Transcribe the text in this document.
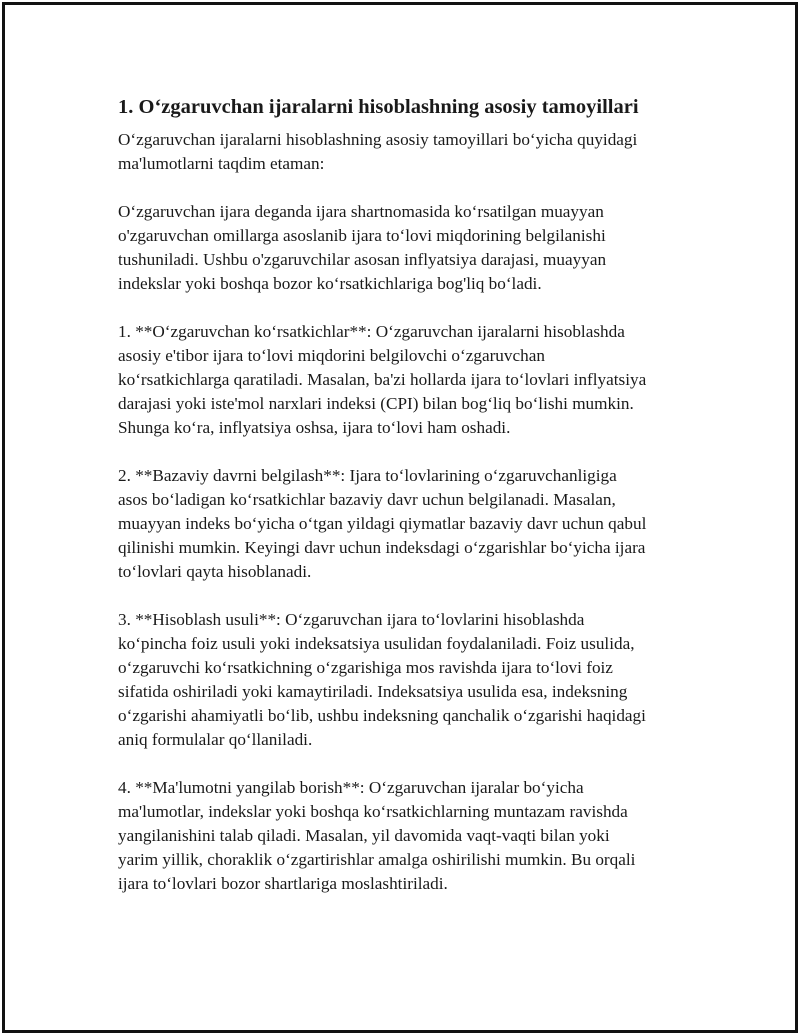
1. O‘zgaruvchan ijaralarni hisoblashning asosiy tamoyillari

O‘zgaruvchan ijaralarni hisoblashning asosiy tamoyillari bo‘yicha quyidagi
ma'lumotlarni taqdim etaman:

O‘zgaruvchan ijara deganda ijara shartnomasida ko‘rsatilgan muayyan
o'zgaruvchan omillarga asoslanib ijara to‘lovi miqdorining belgilanishi
tushuniladi. Ushbu o'zgaruvchilar asosan inflyatsiya darajasi, muayyan
indekslar yoki boshqa bozor ko‘rsatkichlariga bog'liq bo‘ladi.

1. **O‘zgaruvchan ko‘rsatkichlar**: O‘zgaruvchan ijaralarni hisoblashda
asosiy e'tibor ijara to‘lovi miqdorini belgilovchi o‘zgaruvchan
ko‘rsatkichlarga qaratiladi. Masalan, ba'zi hollarda ijara to‘lovlari inflyatsiya
darajasi yoki iste'mol narxlari indeksi (CPI) bilan bog‘liq bo‘lishi mumkin.
Shunga ko‘ra, inflyatsiya oshsa, ijara to‘lovi ham oshadi.

2. **Bazaviy davrni belgilash**: Ijara to‘lovlarining o‘zgaruvchanligiga
asos bo‘ladigan ko‘rsatkichlar bazaviy davr uchun belgilanadi. Masalan,
muayyan indeks bo‘yicha o‘tgan yildagi qiymatlar bazaviy davr uchun qabul
qilinishi mumkin. Keyingi davr uchun indeksdagi o‘zgarishlar bo‘yicha ijara
to‘lovlari qayta hisoblanadi.

3. **Hisoblash usuli**: O‘zgaruvchan ijara to‘lovlarini hisoblashda
ko‘pincha foiz usuli yoki indeksatsiya usulidan foydalaniladi. Foiz usulida,
o‘zgaruvchi ko‘rsatkichning o‘zgarishiga mos ravishda ijara to‘lovi foiz
sifatida oshiriladi yoki kamaytiriladi. Indeksatsiya usulida esa, indeksning
o‘zgarishi ahamiyatli bo‘lib, ushbu indeksning qanchalik o‘zgarishi haqidagi
aniq formulalar qo‘llaniladi.

4. **Ma'lumotni yangilab borish**: O‘zgaruvchan ijaralar bo‘yicha
ma'lumotlar, indekslar yoki boshqa ko‘rsatkichlarning muntazam ravishda
yangilanishini talab qiladi. Masalan, yil davomida vaqt-vaqti bilan yoki
yarim yillik, choraklik o‘zgartirishlar amalga oshirilishi mumkin. Bu orqali
ijara to‘lovlari bozor shartlariga moslashtiriladi.
